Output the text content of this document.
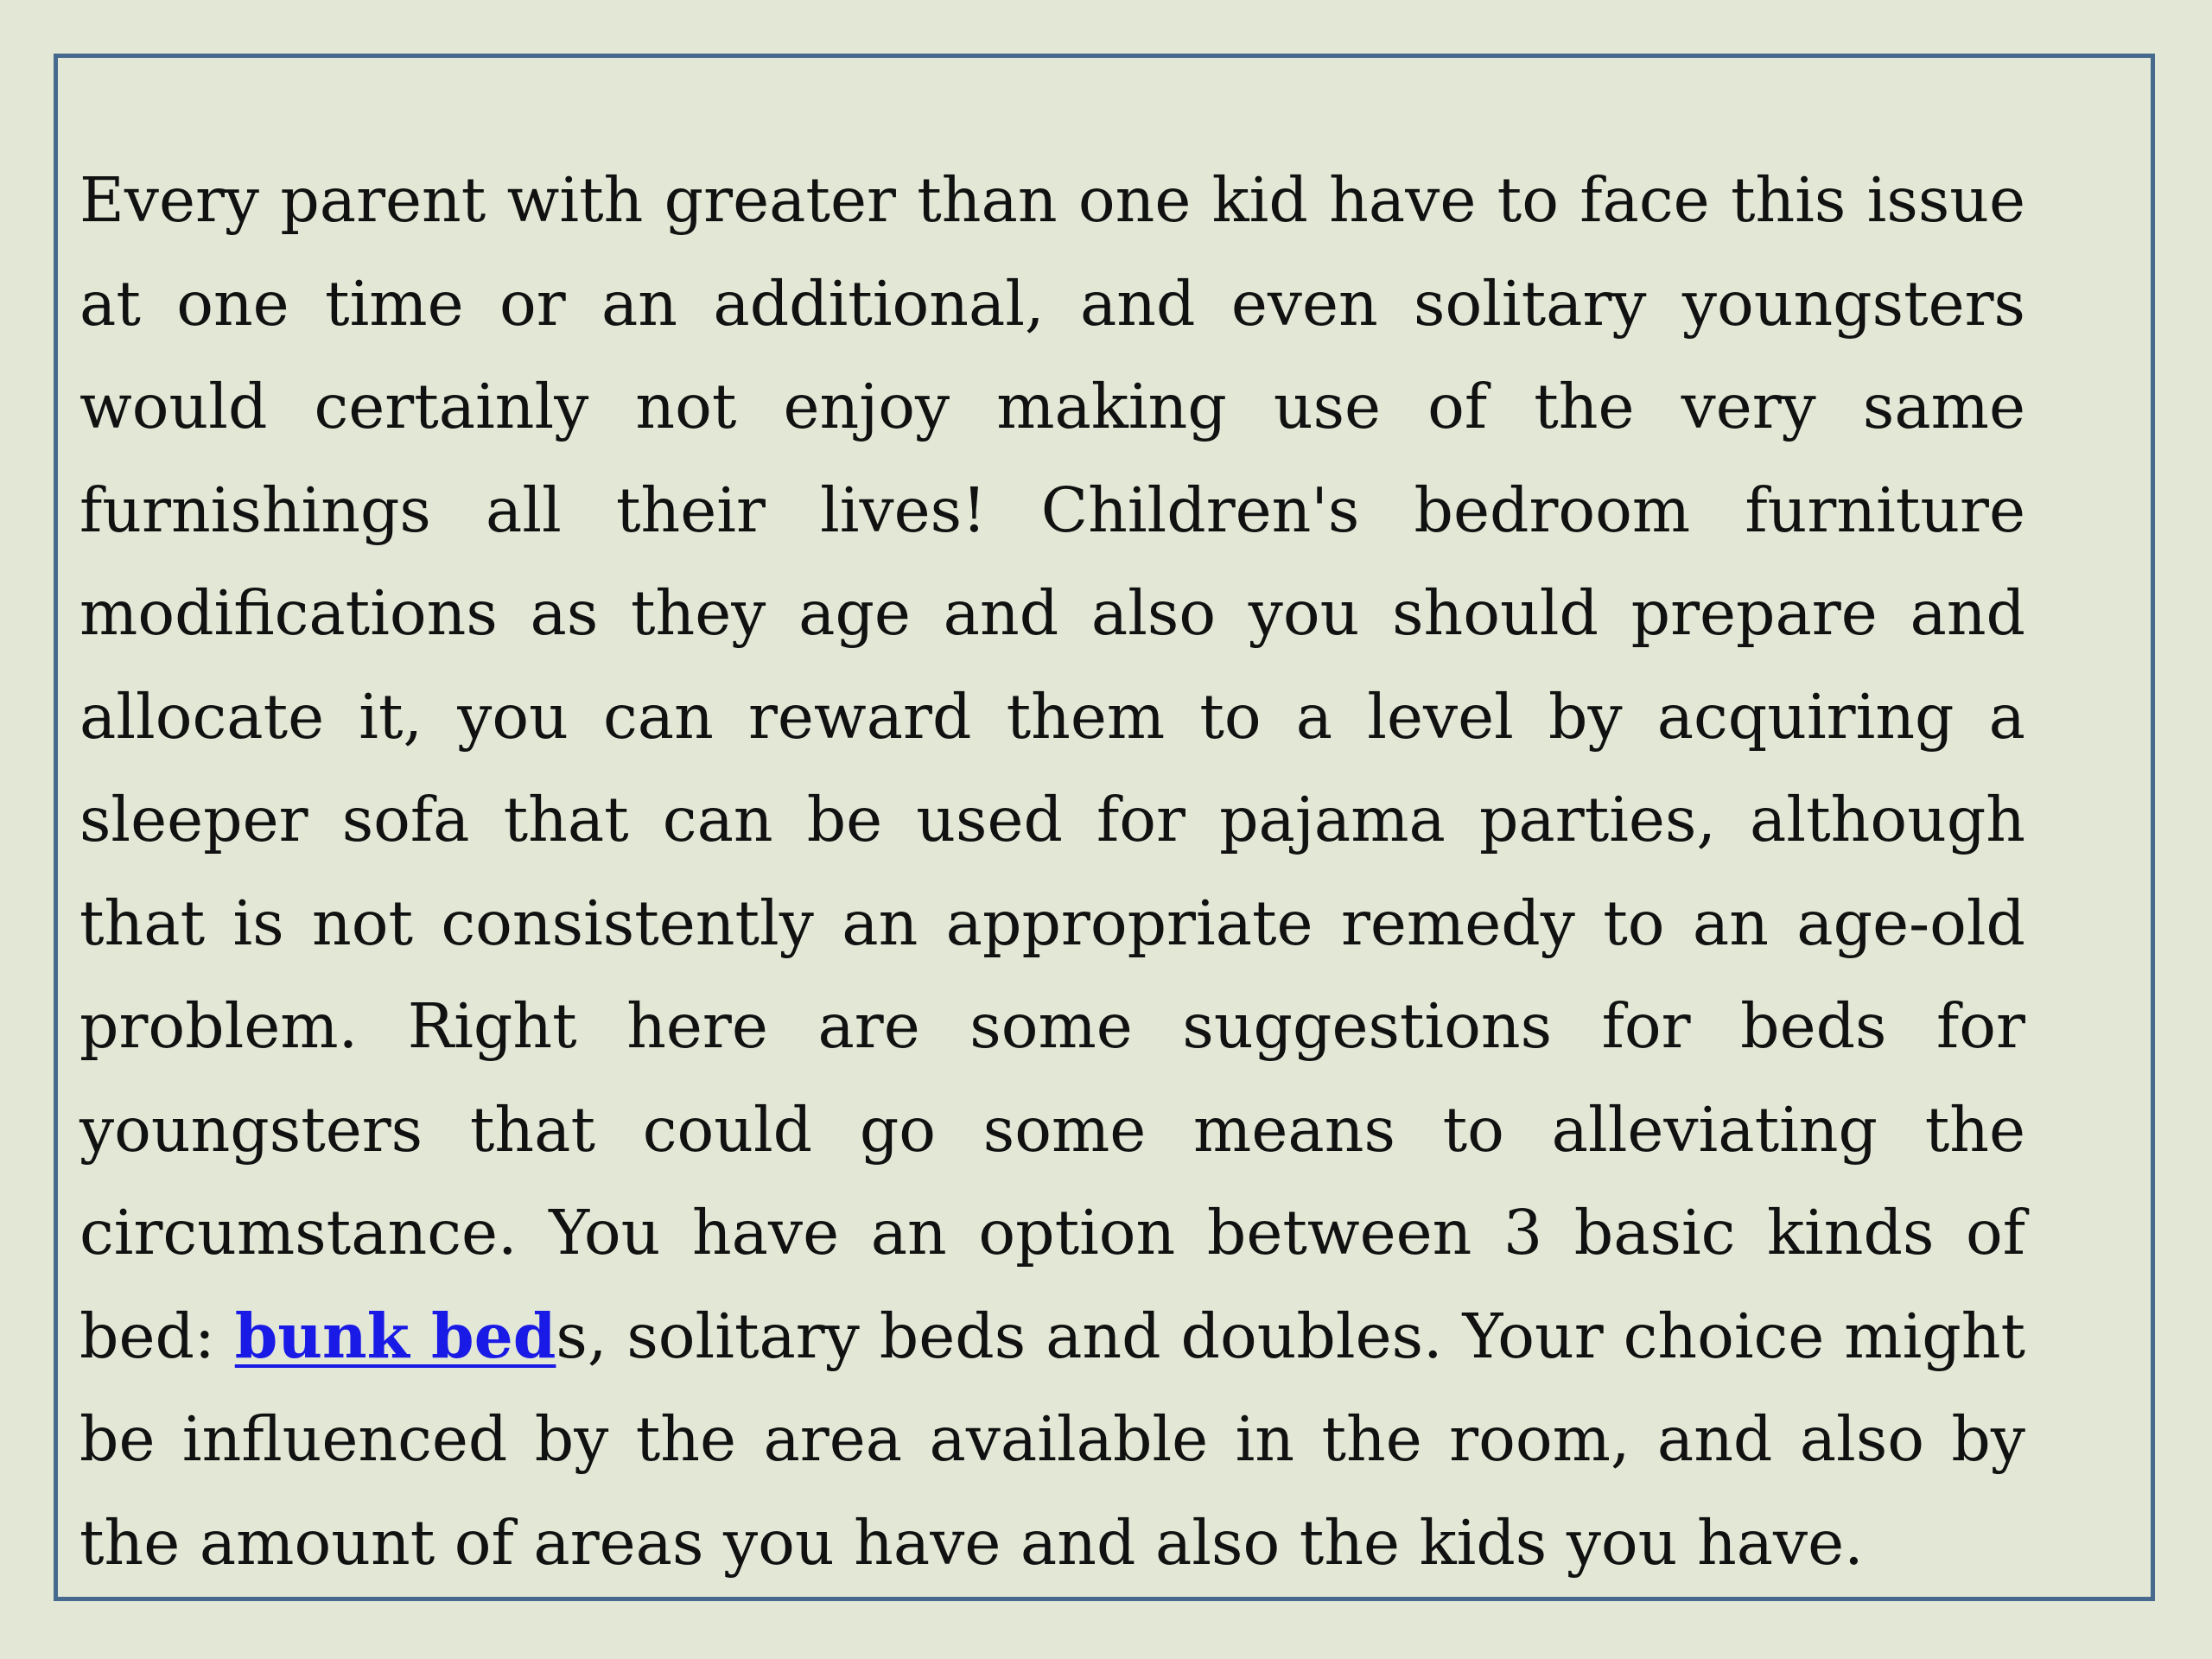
Every parent with greater than one kid have to face this issue at one time or an additional, and even solitary youngsters would certainly not enjoy making use of the very same furnishings all their lives! Children's bedroom furniture modifications as they age and also you should prepare and allocate it, you can reward them to a level by acquiring a sleeper sofa that can be used for pajama parties, although that is not consistently an appropriate remedy to an age-old problem. Right here are some suggestions for beds for youngsters that could go some means to alleviating the circumstance. You have an option between 3 basic kinds of bed: bunk beds, solitary beds and doubles. Your choice might be influenced by the area available in the room, and also by the amount of areas you have and also the kids you have.
